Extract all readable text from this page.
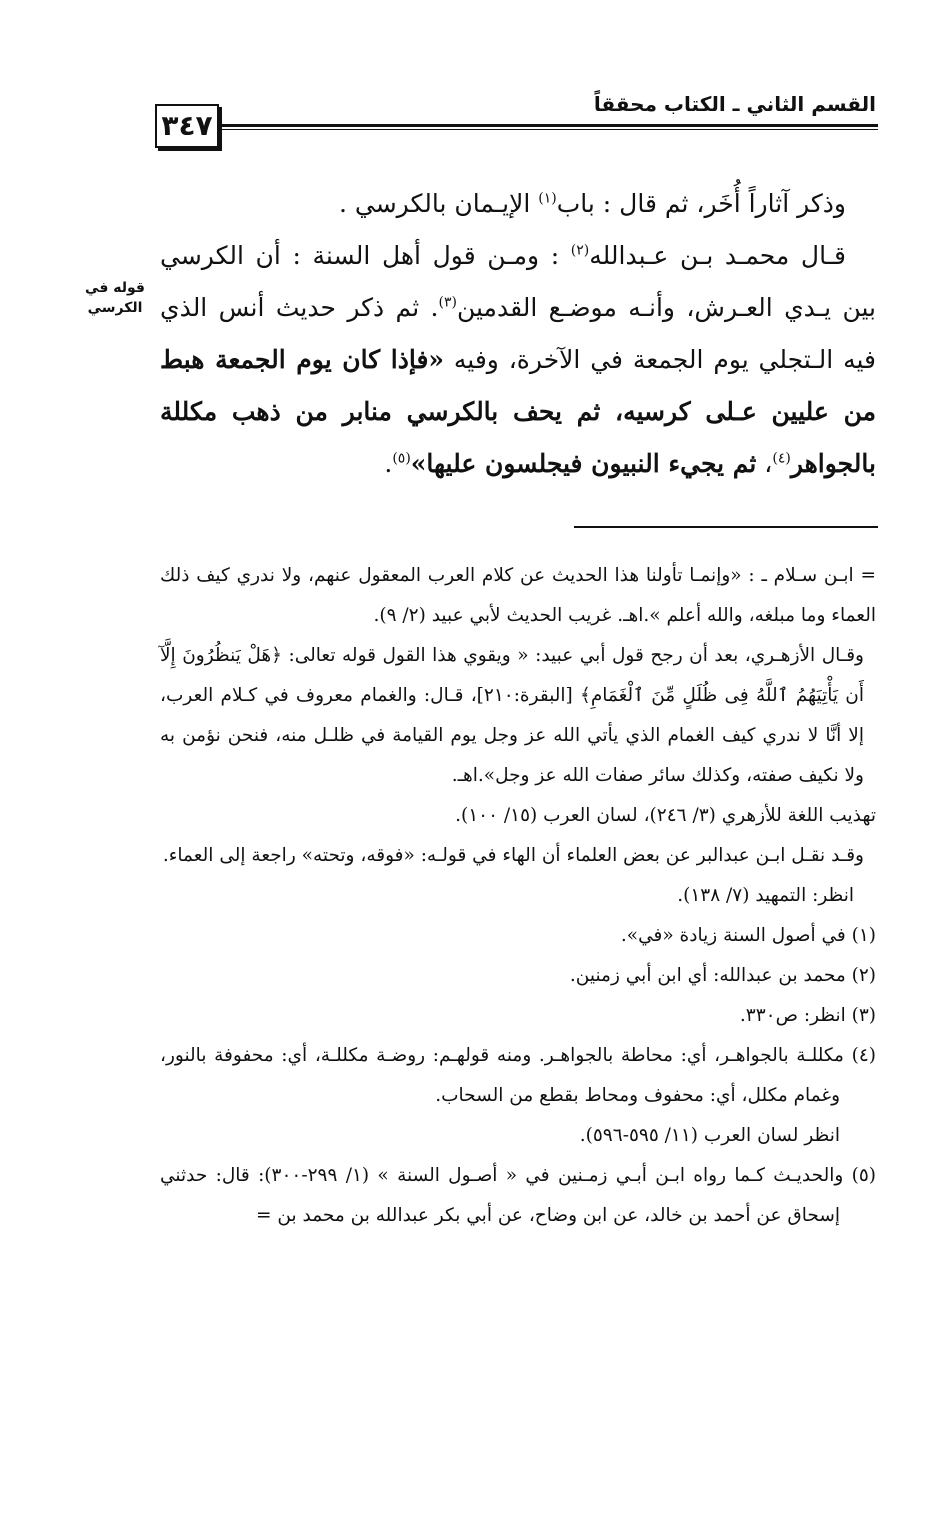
القسم الثاني ـ الكتاب محققاً
٣٤٧
قوله في
الكرسي

وذكر آثاراً أُخَر، ثم قال : باب$^{(١)}$ الإيـمان بالكرسي .

قـال محمـد بـن عـبدالله$^{(٢)}$ : ومـن قول أهل السنة : أن الكرسي بين يـدي العـرش، وأنـه موضـع القدمين$^{(٣)}$. ثم ذكر حديث أنس الذي فيه الـتجلي يوم الجمعة في الآخرة، وفيه «فإذا كان يوم الجمعة هبط من عليين عـلى كرسيه، ثم يحف بالكرسي منابر من ذهب مكللة بالجواهر$^{(٤)}$، ثم يجيء النبيون فيجلسون عليها»$^{(٥)}$.

= ابـن سـلام ـ : «وإنمـا تأولنا هذا الحديث عن كلام العرب المعقول عنهم، ولا ندري كيف ذلك العماء وما مبلغه، والله أعلم ».اهـ. غريب الحديث لأبي عبيد (٢/ ٩).

وقـال الأزهـري، بعد أن رجح قول أبي عبيد: « ويقوي هذا القول قوله تعالى: ﴿هَلْ يَنظُرُونَ إِلَّآ أَن يَأْتِيَهُمُ ٱللَّهُ فِى ظُلَلٍ مِّنَ ٱلْغَمَامِ﴾ [البقرة:٢١٠]، قـال: والغمام معروف في كـلام العرب، إلا أنَّا لا ندري كيف الغمام الذي يأتي الله عز وجل يوم القيامة في ظلـل منه، فنحن نؤمن به ولا نكيف صفته، وكذلك سائر صفات الله عز وجل».اهـ.

تهذيب اللغة للأزهري (٣/ ٢٤٦)، لسان العرب (١٥/ ١٠٠).

وقـد نقـل ابـن عبدالبر عن بعض العلماء أن الهاء في قولـه: «فوقه، وتحته» راجعة إلى العماء.

انظر: التمهيد (٧/ ١٣٨).

(١) في أصول السنة زيادة «في».

(٢) محمد بن عبدالله: أي ابن أبي زمنين.

(٣) انظر: ص٣٣٠.

(٤) مكللـة بالجواهـر، أي: محاطة بالجواهـر. ومنه قولهـم: روضـة مكللـة، أي: محفوفة بالنور، وغمام مكلل، أي: محفوف ومحاط بقطع من السحاب.

انظر لسان العرب (١١/ ٥٩٥-٥٩٦).

(٥) والحديـث كـما رواه ابـن أبـي زمـنين في « أصـول السنة » (١/ ٢٩٩-٣٠٠): قال: حدثني إسحاق عن أحمد بن خالد، عن ابن وضاح، عن أبي بكر عبدالله بن محمد بن =
